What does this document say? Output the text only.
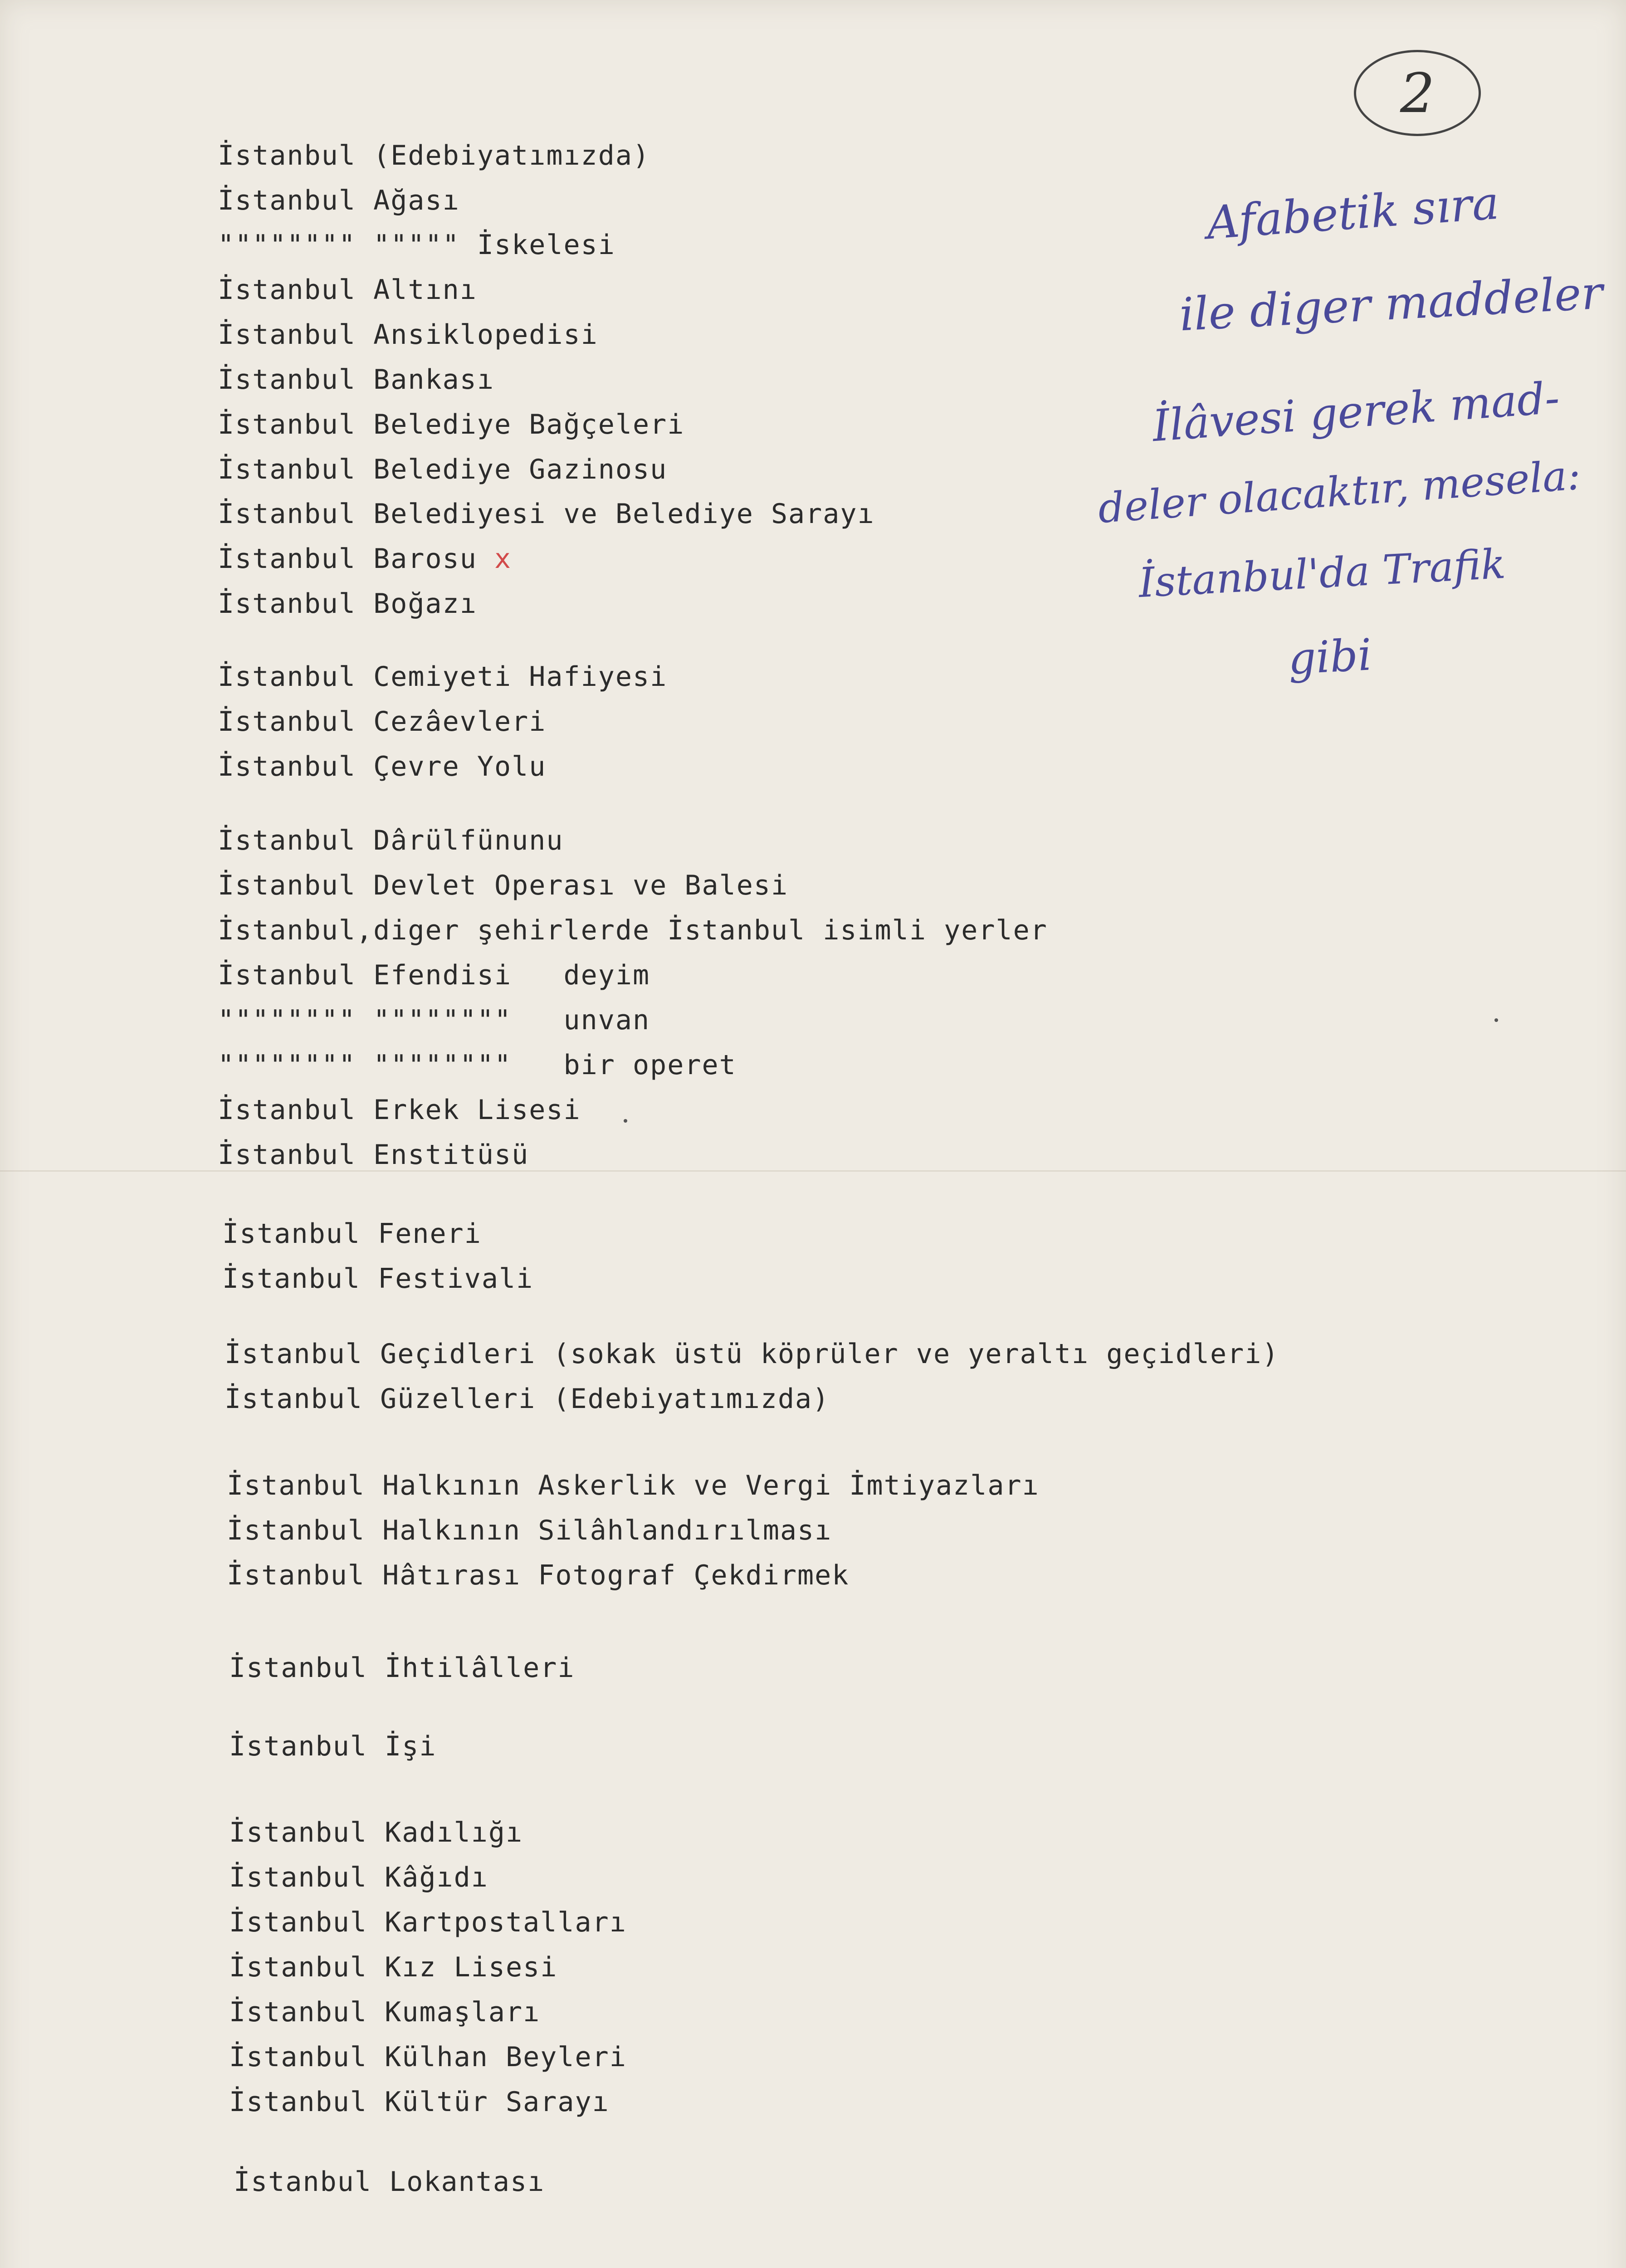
2
İstanbul (Edebiyatımızda)
İstanbul Ağası
"""""""" """"" İskelesi
İstanbul Altını
İstanbul Ansiklopedisi
İstanbul Bankası
İstanbul Belediye Bağçeleri
İstanbul Belediye Gazinosu
İstanbul Belediyesi ve Belediye Sarayı
İstanbul Barosu x
İstanbul Boğazı
İstanbul Cemiyeti Hafiyesi
İstanbul Cezâevleri
İstanbul Çevre Yolu
İstanbul Dârülfünunu
İstanbul Devlet Operası ve Balesi
İstanbul,diger şehirlerde İstanbul isimli yerler
İstanbul Efendisi   deyim
"""""""" """"""""   unvan
"""""""" """"""""   bir operet
İstanbul Erkek Lisesi
İstanbul Enstitüsü
İstanbul Feneri
İstanbul Festivali
İstanbul Geçidleri (sokak üstü köprüler ve yeraltı geçidleri)
İstanbul Güzelleri (Edebiyatımızda)
İstanbul Halkının Askerlik ve Vergi İmtiyazları
İstanbul Halkının Silâhlandırılması
İstanbul Hâtırası Fotograf Çekdirmek
İstanbul İhtilâlleri
İstanbul İşi
İstanbul Kadılığı
İstanbul Kâğıdı
İstanbul Kartpostalları
İstanbul Kız Lisesi
İstanbul Kumaşları
İstanbul Külhan Beyleri
İstanbul Kültür Sarayı
İstanbul Lokantası
Afabetik sıra
ile diger maddeler
İlâvesi gerek mad-
deler olacaktır, mesela:
İstanbul'da Trafik
gibi
